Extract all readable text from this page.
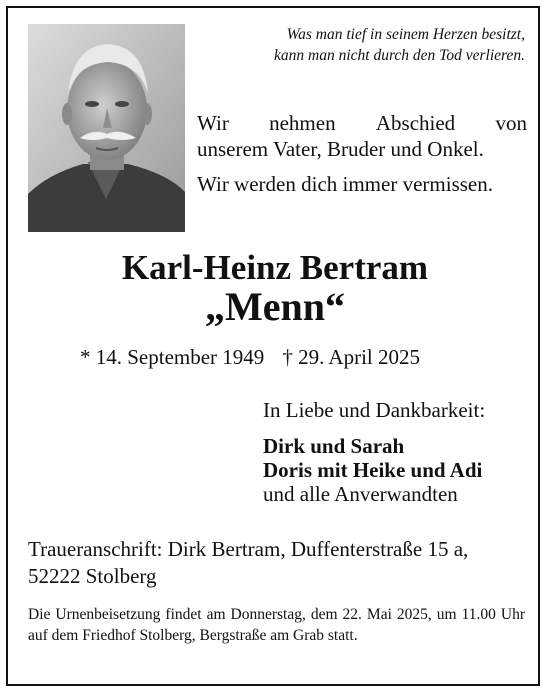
Was man tief in seinem Herzen besitzt,
kann man nicht durch den Tod verlieren.
Wir nehmen Abschied von
unserem Vater, Bruder und Onkel.
Wir werden dich immer vermissen.
Karl-Heinz Bertram
„Menn“
* 14. September 1949 † 29. April 2025
In Liebe und Dankbarkeit:
Dirk und Sarah
Doris mit Heike und Adi
und alle Anverwandten
Traueranschrift: Dirk Bertram, Duffenterstraße 15 a,
52222 Stolberg
Die Urnenbeisetzung findet am Donnerstag, dem 22. Mai 2025, um 11.00 Uhr auf dem Friedhof Stolberg, Bergstraße am Grab statt.
